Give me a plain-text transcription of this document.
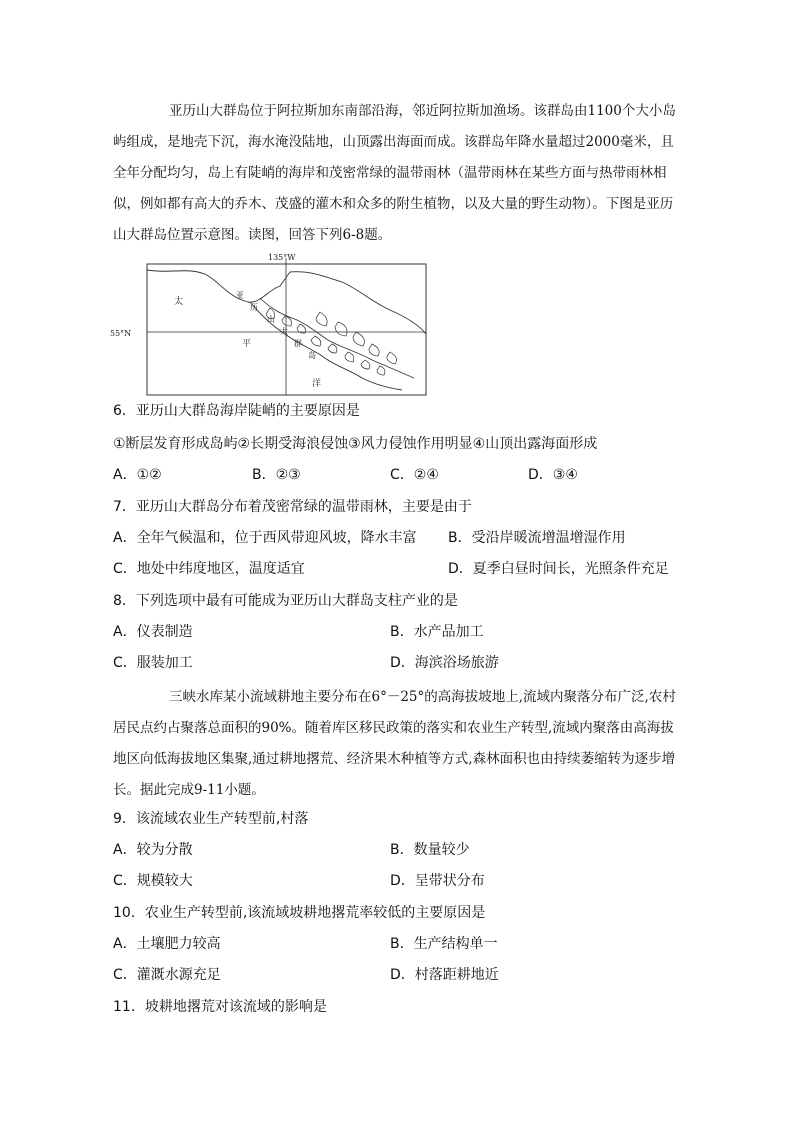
亚历山大群岛位于阿拉斯加东南部沿海，邻近阿拉斯加渔场。该群岛由1100个大小岛屿组成，是地壳下沉，海水淹没陆地，山顶露出海面而成。该群岛年降水量超过2000毫米，且全年分配均匀，岛上有陡峭的海岸和茂密常绿的温带雨林（温带雨林在某些方面与热带雨林相似，例如都有高大的乔木、茂盛的灌木和众多的附生植物，以及大量的野生动物）。下图是亚历山大群岛位置示意图。读图，回答下列6-8题。

135°W
55°N
太
亚
历
山
大
群
岛
平
洋
6．亚历山大群岛海岸陡峭的主要原因是
①断层发育形成岛屿②长期受海浪侵蚀③风力侵蚀作用明显④山顶出露海面形成
A．①②	B．②③	C．②④	D．③④
7．亚历山大群岛分布着茂密常绿的温带雨林，主要是由于
A．全年气候温和，位于西风带迎风坡，降水丰富 B．受沿岸暖流增温增湿作用
C．地处中纬度地区，温度适宜	D．夏季白昼时间长，光照条件充足
8．下列选项中最有可能成为亚历山大群岛支柱产业的是
A．仪表制造	B．水产品加工
C．服装加工	D．海滨浴场旅游

三峡水库某小流域耕地主要分布在6°－25°的高海拔坡地上,流域内聚落分布广泛,农村居民点约占聚落总面积的90%。随着库区移民政策的落实和农业生产转型,流域内聚落由高海拔地区向低海拔地区集聚,通过耕地撂荒、经济果木种植等方式,森林面积也由持续萎缩转为逐步增长。据此完成9-11小题。

9．该流域农业生产转型前,村落
A．较为分散	B．数量较少
C．规模较大	D．呈带状分布
10．农业生产转型前,该流域坡耕地撂荒率较低的主要原因是
A．土壤肥力较高	B．生产结构单一
C．灌溉水源充足	D．村落距耕地近
11．坡耕地撂荒对该流域的影响是
